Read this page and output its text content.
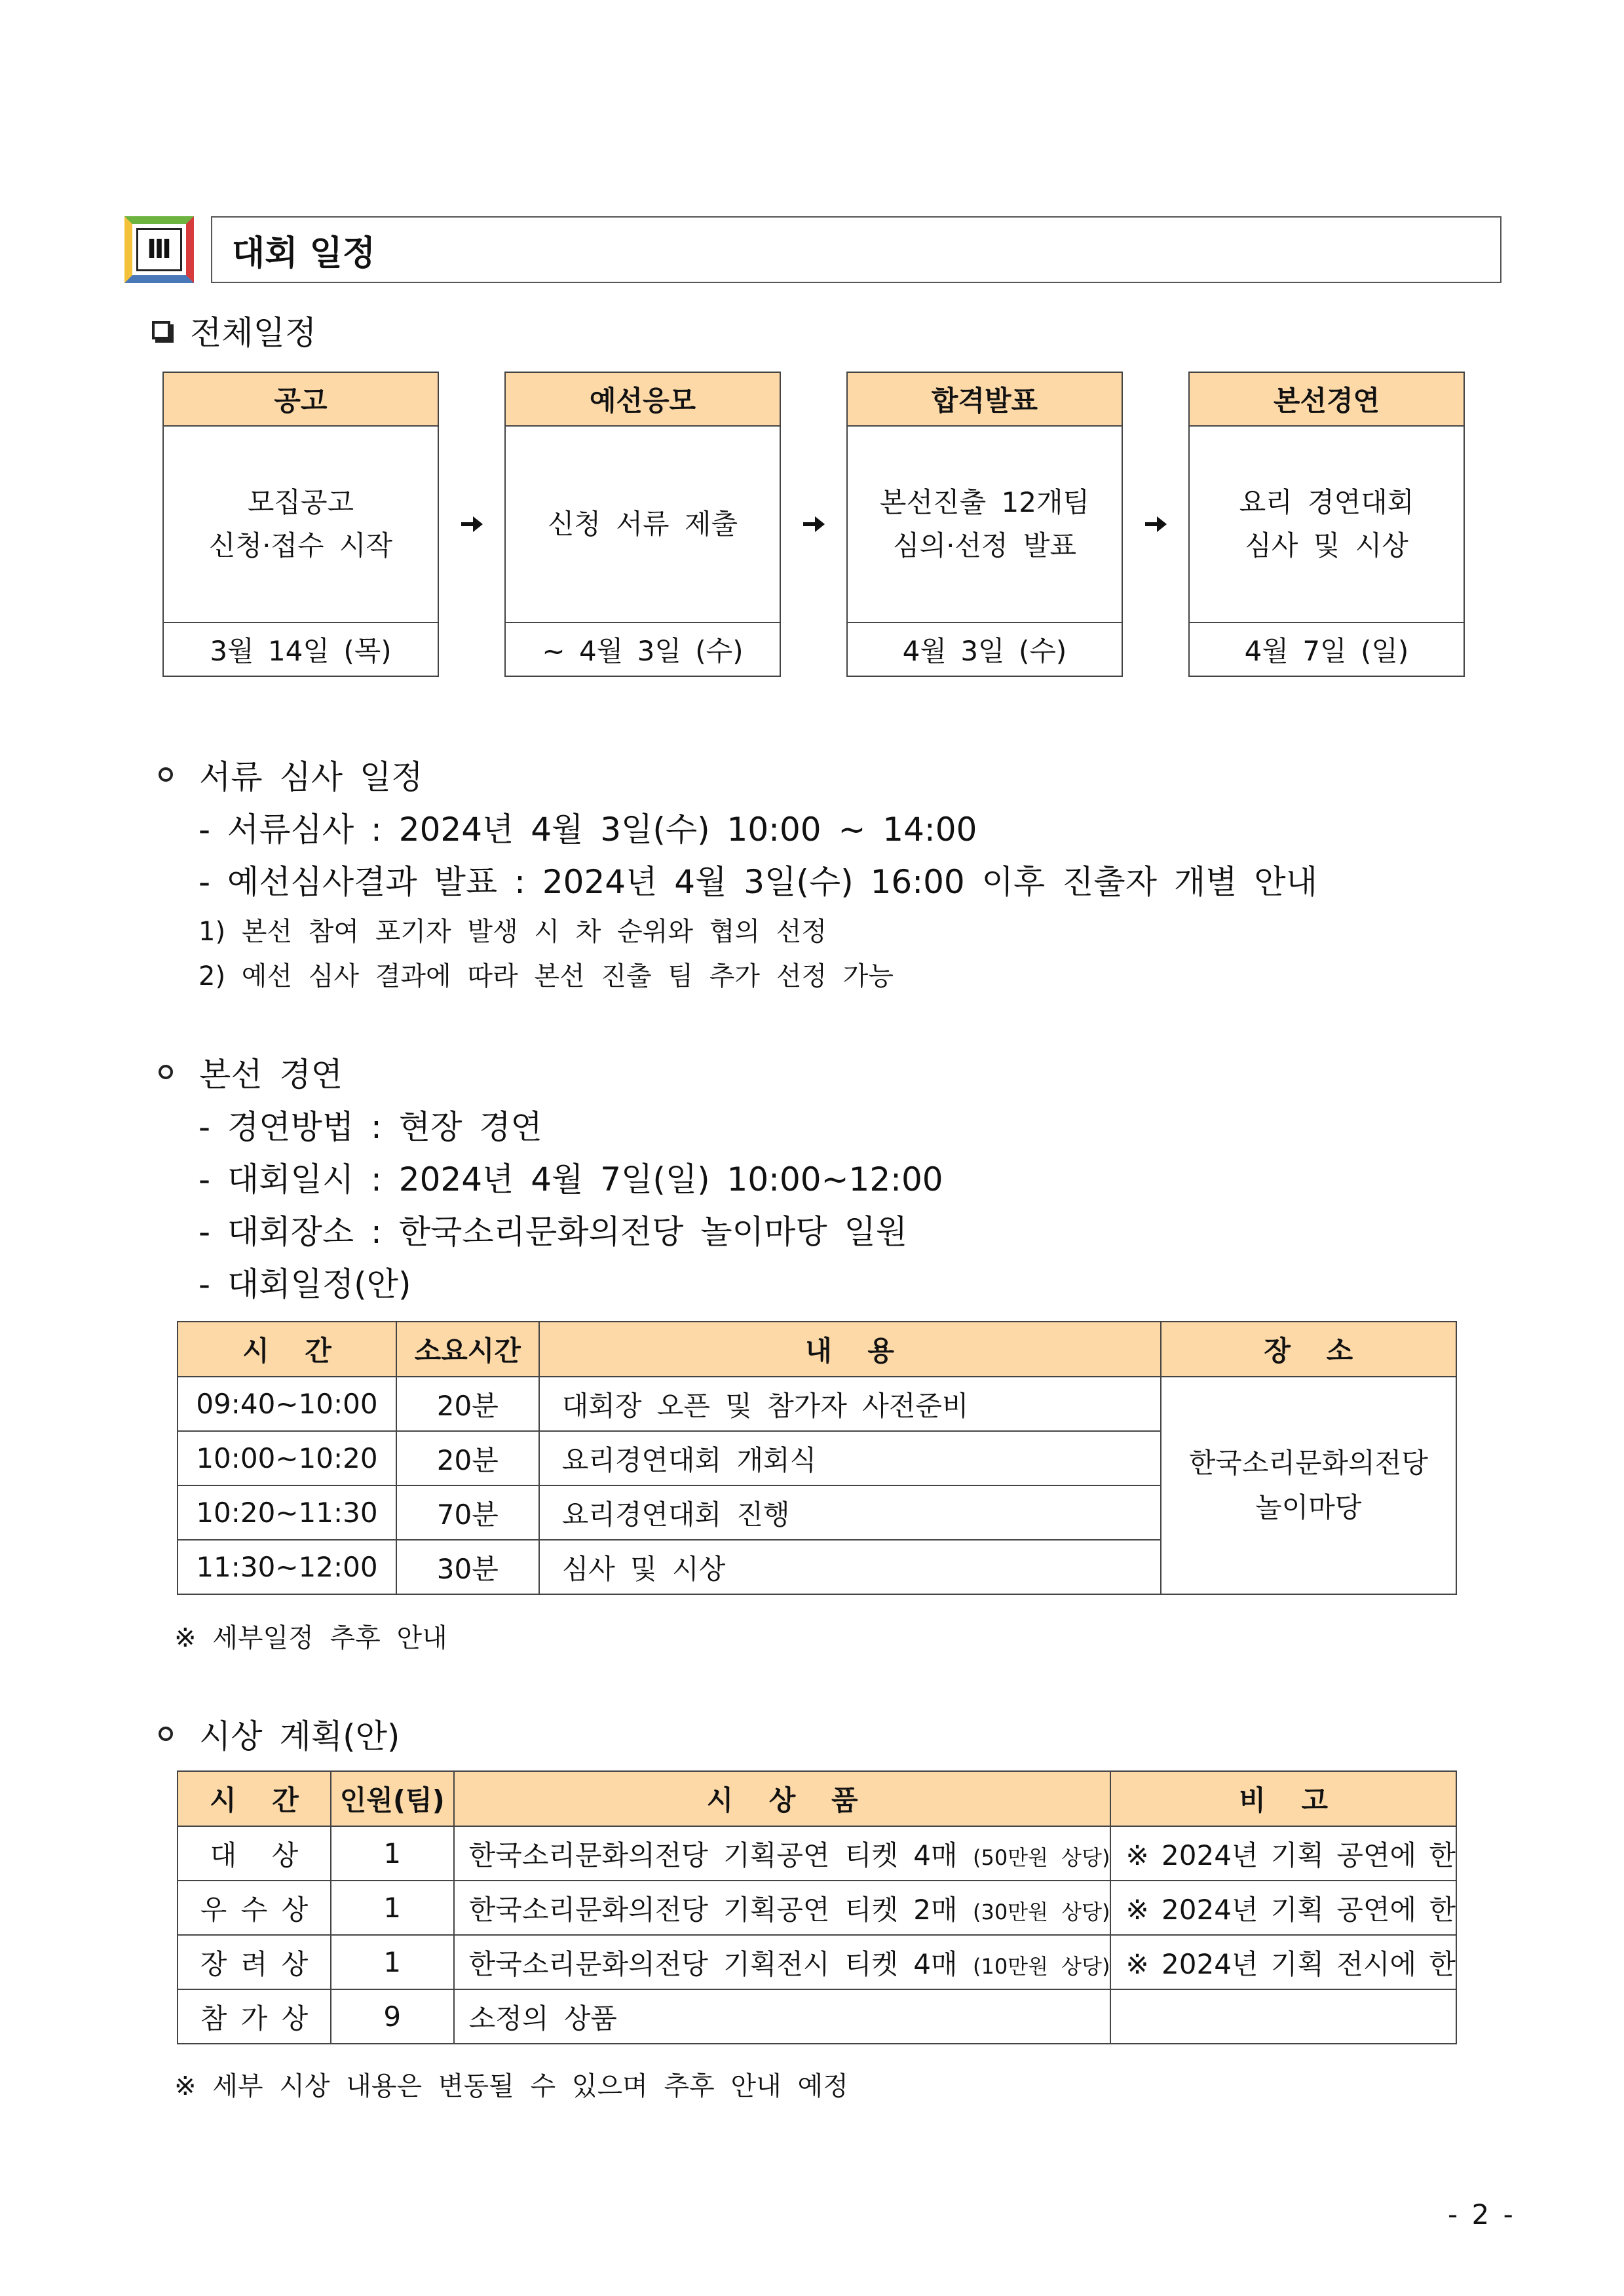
Ⅲ	대회 일정
전체일정
공고
모집공고
신청·접수 시작
3월 14일 (목)
예선응모
신청 서류 제출
~ 4월 3일 (수)
합격발표
본선진출 12개팀
심의·선정 발표
4월 3일 (수)
본선경연
요리 경연대회
심사 및 시상
4월 7일 (일)
서류 심사 일정
- 서류심사 : 2024년 4월 3일(수) 10:00 ~ 14:00
- 예선심사결과 발표 : 2024년 4월 3일(수) 16:00 이후 진출자 개별 안내
1) 본선 참여 포기자 발생 시 차 순위와 협의 선정
2) 예선 심사 결과에 따라 본선 진출 팀 추가 선정 가능
본선 경연
- 경연방법 : 현장 경연
- 대회일시 : 2024년 4월 7일(일) 10:00~12:00
- 대회장소 : 한국소리문화의전당 놀이마당 일원
- 대회일정(안)
시 간	소요시간	내 용	장 소
09:40~10:00	20분	대회장 오픈 및 참가자 사전준비	한국소리문화의전당
놀이마당

10:00~10:20	20분	요리경연대회 개회식	
10:20~11:30	70분	요리경연대회 진행	
11:30~12:00	30분	심사 및 시상	
※ 세부일정 추후 안내
시상 계획(안)
시 간	인원(팀)	시 상 품	비 고
대 상	1	한국소리문화의전당 기획공연 티켓 4매 (50만원 상당)	※ 2024년 기획 공연에 한
우 수 상	1	한국소리문화의전당 기획공연 티켓 2매 (30만원 상당)	※ 2024년 기획 공연에 한
장 려 상	1	한국소리문화의전당 기획전시 티켓 4매 (10만원 상당)	※ 2024년 기획 전시에 한
참 가 상	9	소정의 상품	
※ 세부 시상 내용은 변동될 수 있으며 추후 안내 예정
- 2 -
